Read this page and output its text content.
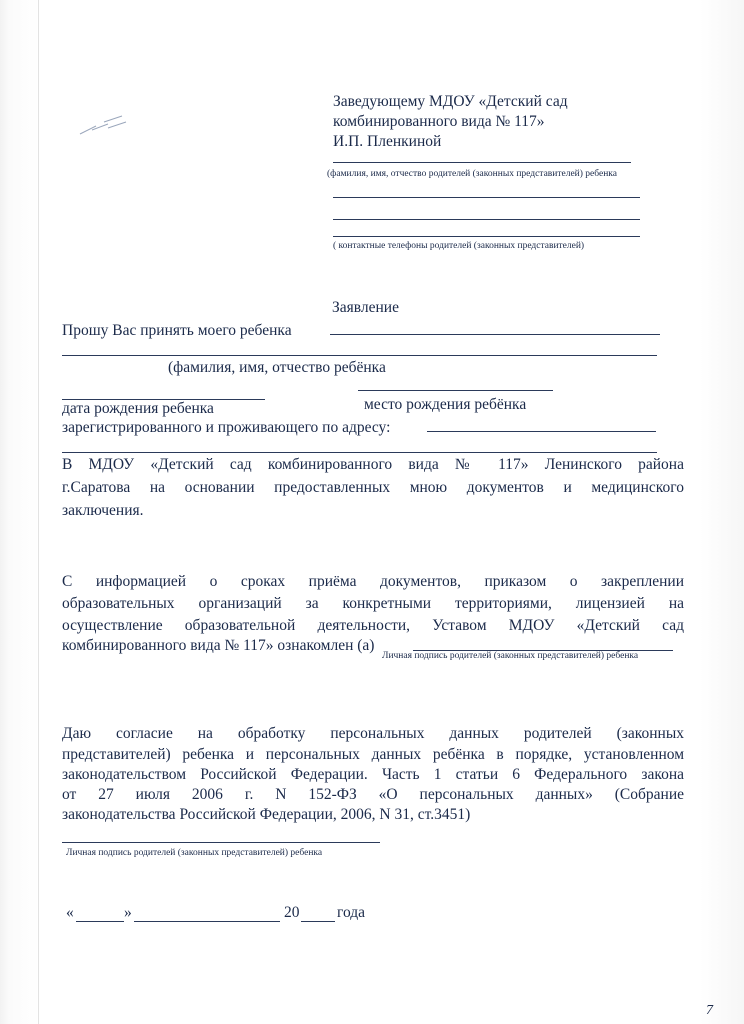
Заведующему МДОУ «Детский сад
комбинированного вида № 117»
И.П. Пленкиной
(фамилия, имя, отчество родителей (законных представителей) ребенка
( контактные телефоны родителей (законных представителей)
Заявление
Прошу Вас принять моего ребенка
(фамилия, имя, отчество ребёнка
дата рождения ребенка	место рождения ребёнка
зарегистрированного и проживающего по адресу:
В МДОУ «Детский сад комбинированного вида № 117» Ленинского района
г.Саратова на основании предоставленных мною документов и медицинского
заключения.
С информацией о сроках приёма документов, приказом о закреплении
образовательных организаций за конкретными территориями, лицензией на
осуществление образовательной деятельности, Уставом МДОУ «Детский сад
комбинированного вида № 117» ознакомлен (а)
Личная подпись родителей (законных представителей) ребенка
Даю согласие на обработку персональных данных родителей (законных
представителей) ребенка и персональных данных ребёнка в порядке, установленном
законодательством Российской Федерации. Часть 1 статьи 6 Федерального закона
от 27 июля 2006 г. N 152-ФЗ «О персональных данных» (Собрание
законодательства Российской Федерации, 2006, N 31, ст.3451)
Личная подпись родителей (законных представителей) ребенка
«	»	20 года
7
